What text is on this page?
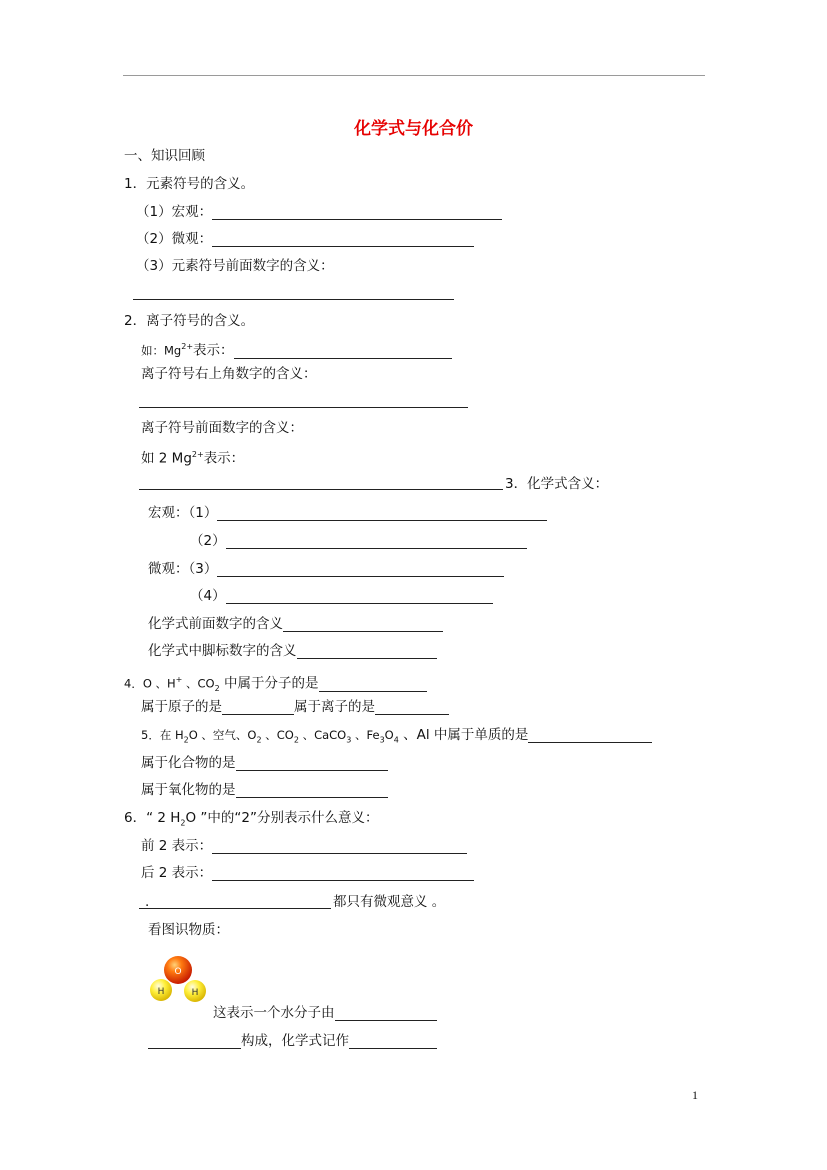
化学式与化合价
一、知识回顾
1．元素符号的含义。
（1）宏观：
（2）微观：
（3）元素符号前面数字的含义：
2．离子符号的含义。
如：$Mg^{2+}$表示：
离子符号右上角数字的含义：
离子符号前面数字的含义：
如 2 $Mg^{2+}$表示：
3．化学式含义：
宏观：（1）
（2）
微观：（3）
（4）
化学式前面数字的含义
化学式中脚标数字的含义
4．O 、H+ 、$CO_2$ 中属于分子的是
属于原子的是	属于离子的是
5．在 $H_2O$ 、空气、$O_2$ 、$CO_2$ 、CaCO$_3$ 、$Fe_3O_4$ 、Al 中属于单质的是
属于化合物的是
属于氧化物的是
6．“ 2 $H_2O$ ”中的“2”分别表示什么意义：
前 2 表示：
后 2 表示：
.	都只有微观意义 。
看图识物质：
O
H	H
这表示一个水分子由
构成，化学式记作
1
